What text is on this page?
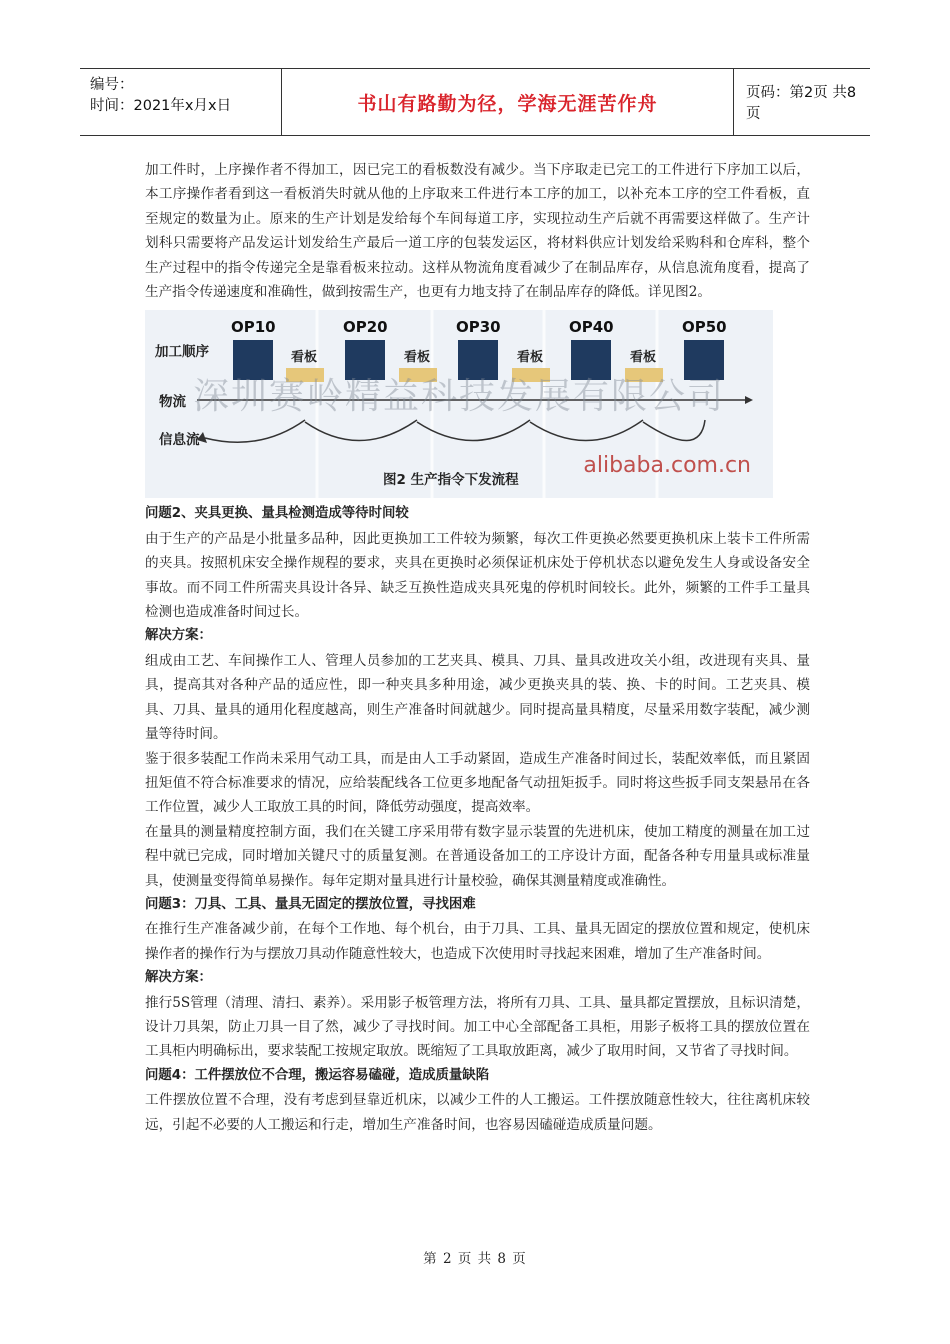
编号：
时间：2021年x月x日	书山有路勤为径，学海无涯苦作舟	页码：第2页 共8页

加工件时，上序操作者不得加工，因已完工的看板数没有减少。当下序取走已完工的工件进行下序加工以后，本工序操作者看到这一看板消失时就从他的上序取来工件进行本工序的加工，以补充本工序的空工件看板，直至规定的数量为止。原来的生产计划是发给每个车间每道工序，实现拉动生产后就不再需要这样做了。生产计划科只需要将产品发运计划发给生产最后一道工序的包装发运区，将材料供应计划发给采购科和仓库科，整个生产过程中的指令传递完全是靠看板来拉动。这样从物流角度看减少了在制品库存，从信息流角度看，提高了生产指令传递速度和准确性，做到按需生产，也更有力地支持了在制品库存的降低。详见图2。

OP10	OP20	OP30	OP40	OP50
看板	看板	看板	看板
加工顺序
物流
信息流
深圳赛岭精益科技发展有限公司
alibaba.com.cn
图2 生产指令下发流程

问题2、夹具更换、量具检测造成等待时间较

由于生产的产品是小批量多品种，因此更换加工工件较为频繁，每次工件更换必然要更换机床上装卡工件所需的夹具。按照机床安全操作规程的要求，夹具在更换时必须保证机床处于停机状态以避免发生人身或设备安全事故。而不同工件所需夹具设计各异、缺乏互换性造成夹具死鬼的停机时间较长。此外，频繁的工件手工量具检测也造成准备时间过长。

解决方案：

组成由工艺、车间操作工人、管理人员参加的工艺夹具、模具、刀具、量具改进攻关小组，改进现有夹具、量具，提高其对各种产品的适应性，即一种夹具多种用途，减少更换夹具的装、换、卡的时间。工艺夹具、模具、刀具、量具的通用化程度越高，则生产准备时间就越少。同时提高量具精度，尽量采用数字装配，减少测量等待时间。

鉴于很多装配工作尚未采用气动工具，而是由人工手动紧固，造成生产准备时间过长，装配效率低，而且紧固扭矩值不符合标准要求的情况，应给装配线各工位更多地配备气动扭矩扳手。同时将这些扳手同支架悬吊在各工作位置，减少人工取放工具的时间，降低劳动强度，提高效率。

在量具的测量精度控制方面，我们在关键工序采用带有数字显示装置的先进机床，使加工精度的测量在加工过程中就已完成，同时增加关键尺寸的质量复测。在普通设备加工的工序设计方面，配备各种专用量具或标准量具，使测量变得简单易操作。每年定期对量具进行计量校验，确保其测量精度或准确性。

问题3：刀具、工具、量具无固定的摆放位置，寻找困难

在推行生产准备减少前，在每个工作地、每个机台，由于刀具、工具、量具无固定的摆放位置和规定，使机床操作者的操作行为与摆放刀具动作随意性较大，也造成下次使用时寻找起来困难，增加了生产准备时间。

解决方案：

推行5S管理（清理、清扫、素养）。采用影子板管理方法，将所有刀具、工具、量具都定置摆放，且标识清楚，设计刀具架，防止刀具一目了然，减少了寻找时间。加工中心全部配备工具柜，用影子板将工具的摆放位置在工具柜内明确标出，要求装配工按规定取放。既缩短了工具取放距离，减少了取用时间，又节省了寻找时间。

问题4：工件摆放位不合理，搬运容易磕碰，造成质量缺陷

工件摆放位置不合理，没有考虑到昼靠近机床，以减少工件的人工搬运。工件摆放随意性较大，往往离机床较远，引起不必要的人工搬运和行走，增加生产准备时间，也容易因磕碰造成质量问题。

第 2 页 共 8 页
